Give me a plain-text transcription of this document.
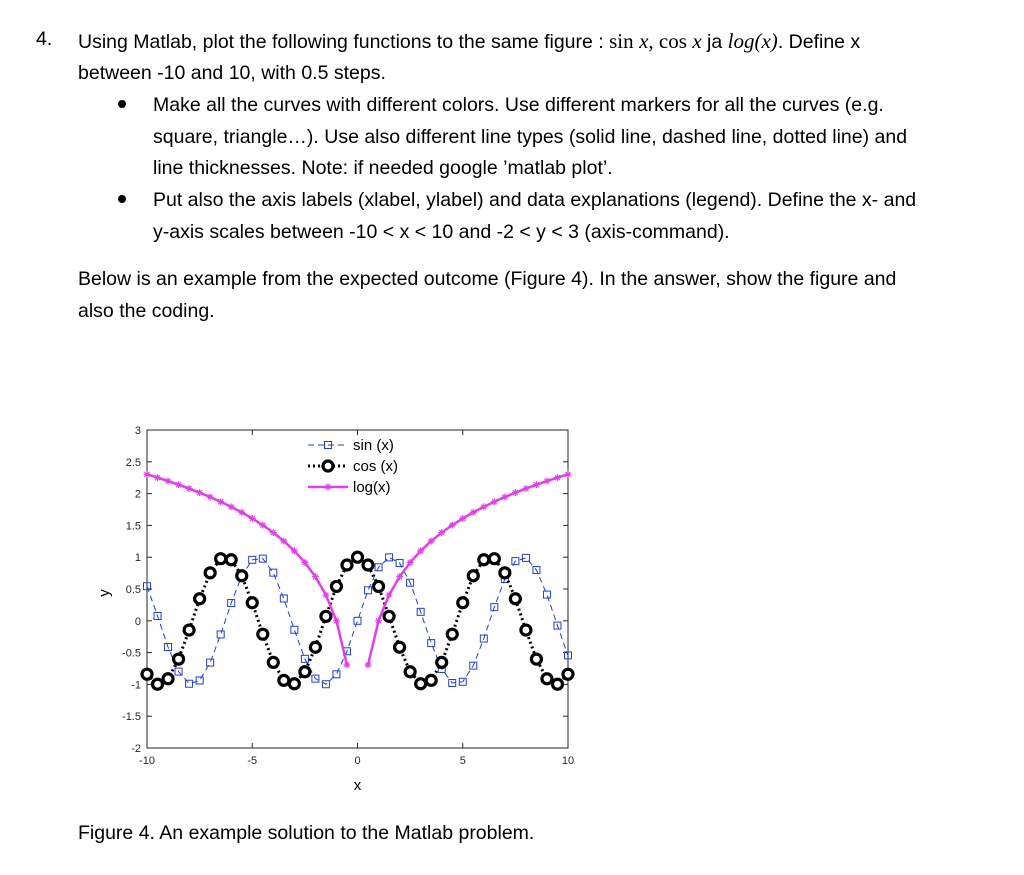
4. Using Matlab, plot the following functions to the same figure : sin x, cos x ja log(x). Define x
between -10 and 10, with 0.5 steps.
Make all the curves with different colors. Use different markers for all the curves (e.g.
square, triangle…). Use also different line types (solid line, dashed line, dotted line) and
line thicknesses. Note: if needed google ’matlab plot’.
Put also the axis labels (xlabel, ylabel) and data explanations (legend). Define the x- and
y-axis scales between -10 < x < 10 and -2 < y < 3 (axis-command).
Below is an example from the expected outcome (Figure 4). In the answer, show the figure and
also the coding.
-10	-5	0	5	10
-2
-1.5
-1
-0.5
0
0.5
1
1.5
2
2.5
3
sin (x)
cos (x)
log(x)
x
y
Figure 4. An example solution to the Matlab problem.
